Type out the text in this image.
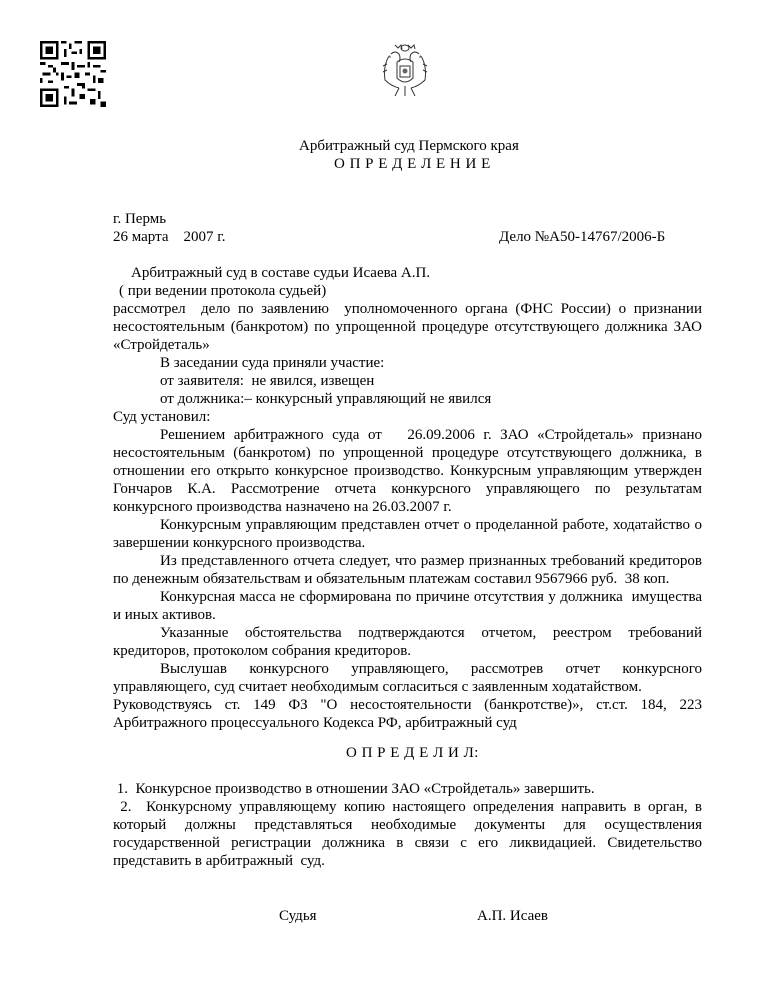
Арбитражный суд Пермского края
О П Р Е Д Е Л Е Н И Е
г. Пермь
26 марта    2007 г.	Дело №А50-14767/2006-Б
Арбитражный суд в составе судьи Исаева А.П.
( при ведении протокола судьей)
рассмотрел  дело по заявлению  уполномоченного органа (ФНС России) о признании
несостоятельным (банкротом) по упрощенной процедуре отсутствующего должника ЗАО
«Стройдеталь»
В заседании суда приняли участие:
от заявителя:  не явился, извещен
от должника:– конкурсный управляющий не явился
Суд установил:
Решением арбитражного суда от   26.09.2006 г. ЗАО «Стройдеталь» признано
несостоятельным (банкротом) по упрощенной процедуре отсутствующего должника, в
отношении его открыто конкурсное производство. Конкурсным управляющим утвержден
Гончаров К.А. Рассмотрение отчета конкурсного управляющего по результатам
конкурсного производства назначено на 26.03.2007 г.
Конкурсным управляющим представлен отчет о проделанной работе, ходатайство о
завершении конкурсного производства.
Из представленного отчета следует, что размер признанных требований кредиторов
по денежным обязательствам и обязательным платежам составил 9567966 руб.  38 коп.
Конкурсная масса не сформирована по причине отсутствия у должника  имущества
и иных активов.
Указанные обстоятельства подтверждаются отчетом, реестром требований
кредиторов, протоколом собрания кредиторов.
Выслушав конкурсного управляющего, рассмотрев отчет конкурсного
управляющего, суд считает необходимым согласиться с заявленным ходатайством.
Руководствуясь ст. 149 ФЗ "О несостоятельности (банкротстве)», ст.ст. 184, 223
Арбитражного процессуального Кодекса РФ, арбитражный суд
О П Р Е Д Е Л И Л:
1.  Конкурсное производство в отношении ЗАО «Стройдеталь» завершить.
2.  Конкурсному управляющему копию настоящего определения направить в орган, в
который должны представляться необходимые документы для осуществления
государственной регистрации должника в связи с его ликвидацией. Свидетельство
представить в арбитражный  суд.
Судья	А.П. Исаев
